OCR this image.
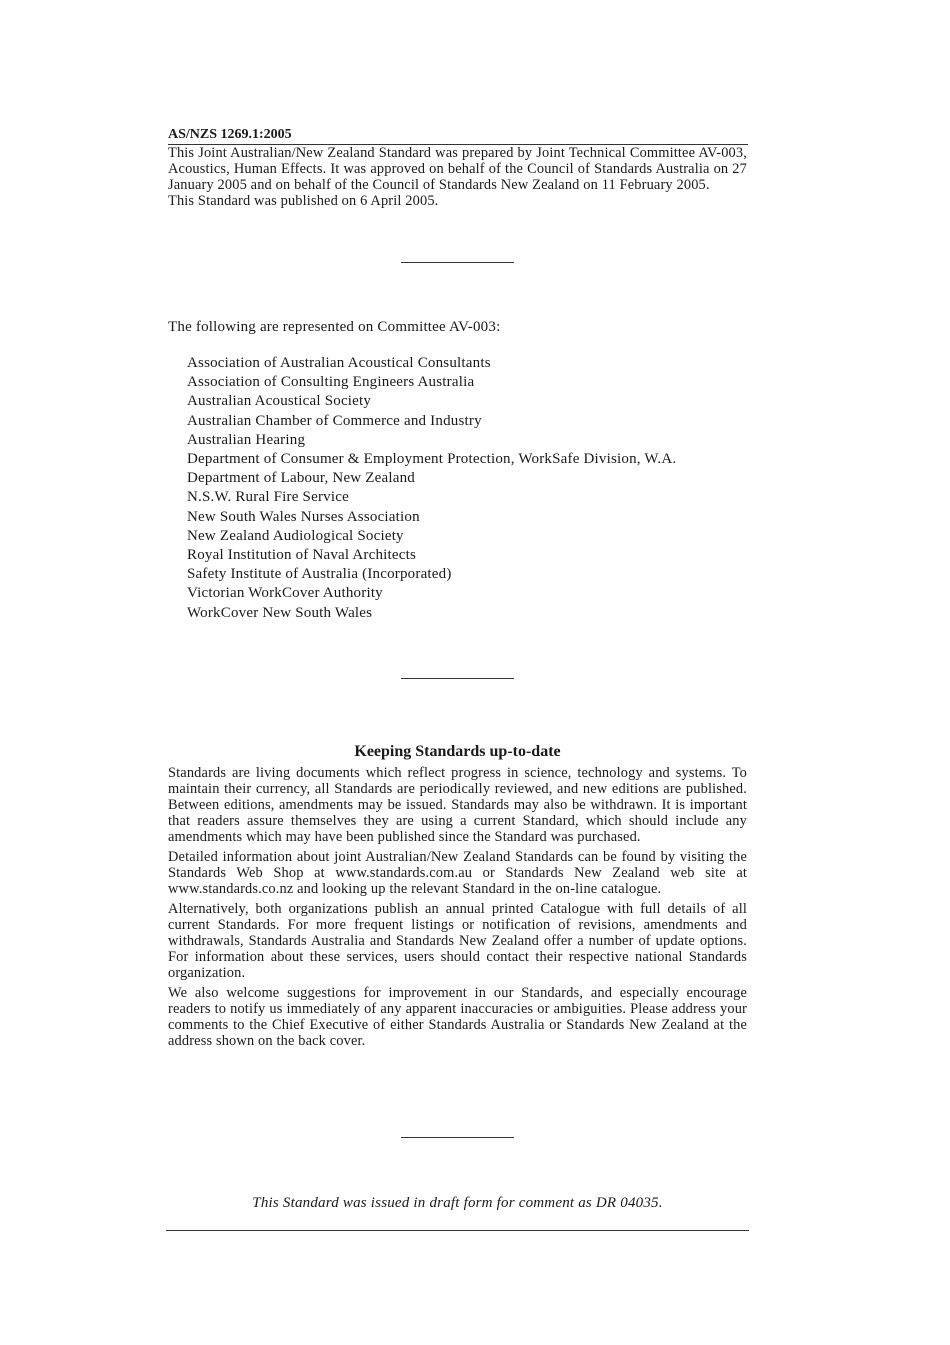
AS/NZS 1269.1:2005

This Joint Australian/New Zealand Standard was prepared by Joint Technical Committee AV-003, Acoustics, Human Effects. It was approved on behalf of the Council of Standards Australia on 27 January 2005 and on behalf of the Council of Standards New Zealand on 11 February 2005.

This Standard was published on 6 April 2005.

The following are represented on Committee AV-003:
Association of Australian Acoustical Consultants
Association of Consulting Engineers Australia
Australian Acoustical Society
Australian Chamber of Commerce and Industry
Australian Hearing
Department of Consumer & Employment Protection, WorkSafe Division, W.A.
Department of Labour, New Zealand
N.S.W. Rural Fire Service
New South Wales Nurses Association
New Zealand Audiological Society
Royal Institution of Naval Architects
Safety Institute of Australia (Incorporated)
Victorian WorkCover Authority
WorkCover New South Wales
Keeping Standards up-to-date

Standards are living documents which reflect progress in science, technology and systems. To maintain their currency, all Standards are periodically reviewed, and new editions are published. Between editions, amendments may be issued. Standards may also be withdrawn. It is important that readers assure themselves they are using a current Standard, which should include any amendments which may have been published since the Standard was purchased.

Detailed information about joint Australian/New Zealand Standards can be found by visiting the Standards Web Shop at www.standards.com.au or Standards New Zealand web site at www.standards.co.nz and looking up the relevant Standard in the on-line catalogue.

Alternatively, both organizations publish an annual printed Catalogue with full details of all current Standards. For more frequent listings or notification of revisions, amendments and withdrawals, Standards Australia and Standards New Zealand offer a number of update options. For information about these services, users should contact their respective national Standards organization.

We also welcome suggestions for improvement in our Standards, and especially encourage readers to notify us immediately of any apparent inaccuracies or ambiguities. Please address your comments to the Chief Executive of either Standards Australia or Standards New Zealand at the address shown on the back cover.

This Standard was issued in draft form for comment as DR 04035.
